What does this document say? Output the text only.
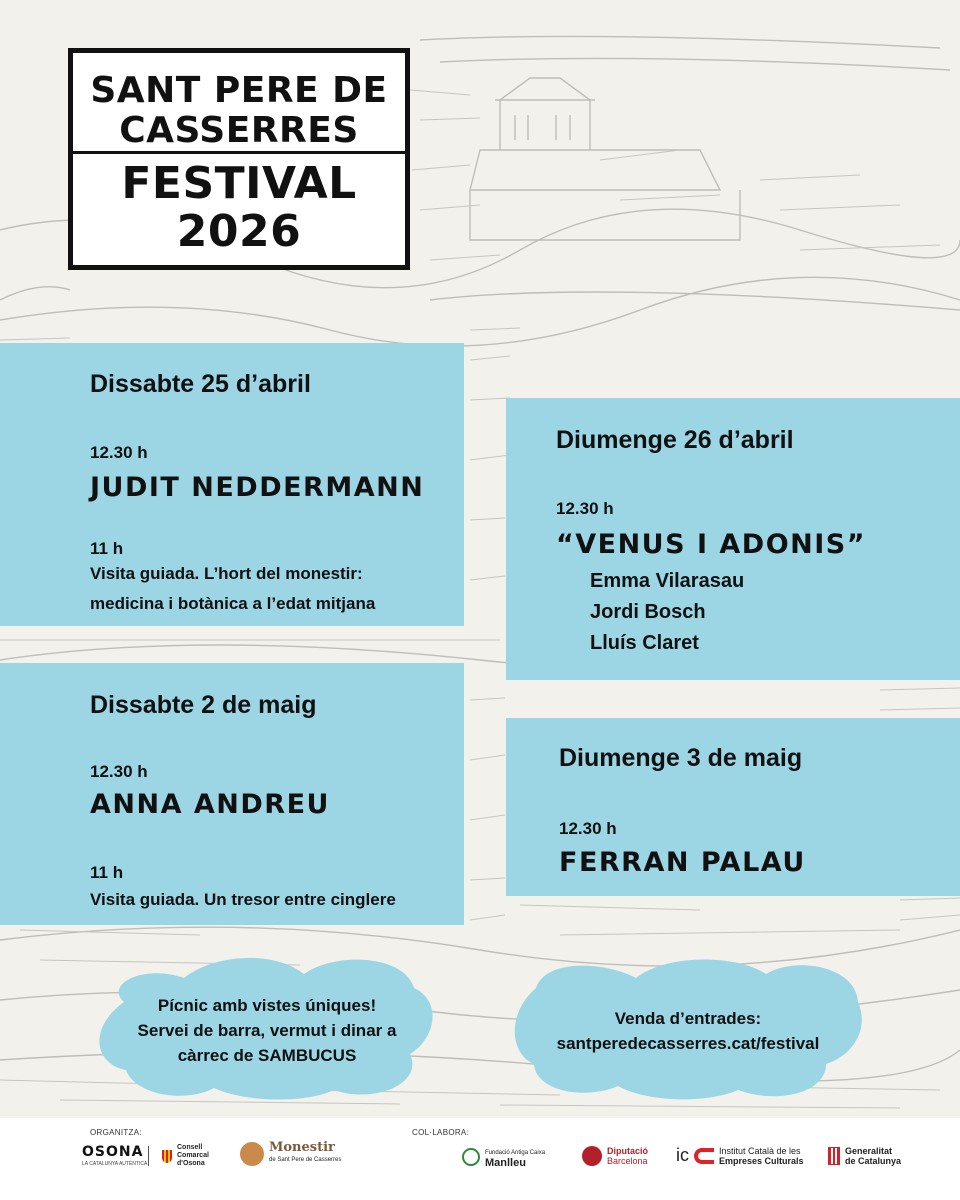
SANT PERE DE
CASSERRES
FESTIVAL
2026
Dissabte 25 d’abril
12.30 h
JUDIT NEDDERMANN
11 h
Visita guiada. L’hort del monestir:
medicina i botànica a l’edat mitjana
Diumenge 26 d’abril
12.30 h
“VENUS I ADONIS”
Emma Vilarasau
Jordi Bosch
Lluís Claret
Dissabte 2 de maig
12.30 h
ANNA ANDREU
11 h
Visita guiada. Un tresor entre cinglere
Diumenge 3 de maig
12.30 h
FERRAN PALAU
Pícnic amb vistes úniques!
Servei de barra, vermut i dinar a
càrrec de SAMBUCUS
Venda d’entrades:
santperedecasserres.cat/festival
ORGANITZA:	COL·LABORA:
OSONA
LA CATALUNYA AUTÈNTICA
Consell
Comarcal
d'Osona
Monestir
de Sant Pere de Casserres
Fundació Antiga Caixa
Manlleu
Diputació
Barcelona ic	Institut Català de les
Empreses Culturals
Generalitat
de Catalunya
